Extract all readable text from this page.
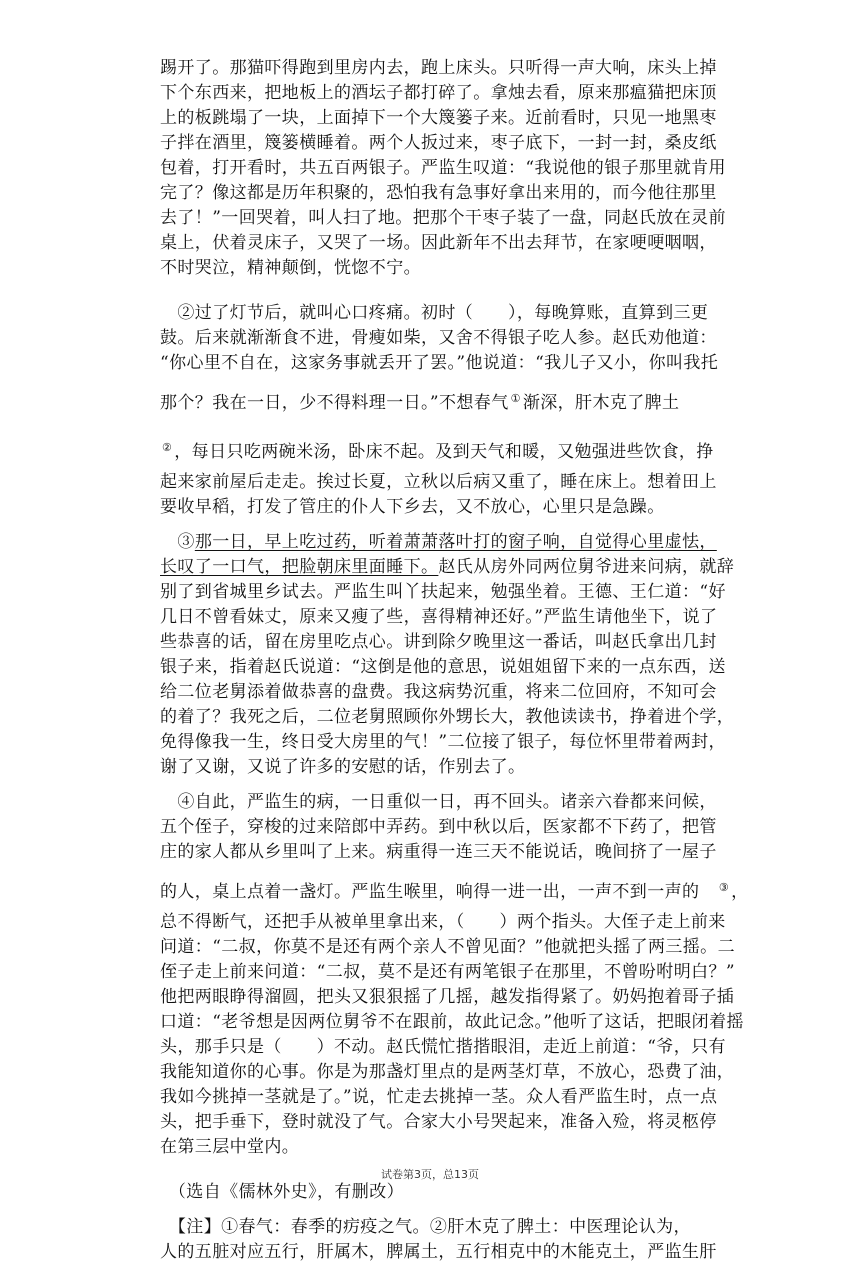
踢开了。那猫吓得跑到里房内去，跑上床头。只听得一声大响，床头上掉
下个东西来，把地板上的酒坛子都打碎了。拿烛去看，原来那瘟猫把床顶
上的板跳塌了一块，上面掉下一个大篾篓子来。近前看时，只见一地黑枣
子拌在酒里，篾篓横睡着。两个人扳过来，枣子底下，一封一封，桑皮纸
包着，打开看时，共五百两银子。严监生叹道：“我说他的银子那里就肯用
完了？像这都是历年积聚的，恐怕我有急事好拿出来用的，而今他往那里
去了！”一回哭着，叫人扫了地。把那个干枣子装了一盘，同赵氏放在灵前
桌上，伏着灵床子，又哭了一场。因此新年不出去拜节，在家哽哽咽咽，
不时哭泣，精神颠倒，恍惚不宁。
　②过了灯节后，就叫心口疼痛。初时（　　），每晚算账，直算到三更
鼓。后来就渐渐食不进，骨瘦如柴，又舍不得银子吃人参。赵氏劝他道：
“你心里不自在，这家务事就丢开了罢。”他说道：“我儿子又小，你叫我托
那个？我在一日，少不得料理一日。”不想春气 ① 渐深，肝木克了脾土
② ，每日只吃两碗米汤，卧床不起。及到天气和暖，又勉强进些饮食，挣
起来家前屋后走走。挨过长夏，立秋以后病又重了，睡在床上。想着田上
要收早稻，打发了管庄的仆人下乡去，又不放心，心里只是急躁。
　③那一日，早上吃过药，听着萧萧落叶打的窗子响，自觉得心里虚怯，
长叹了一口气，把脸朝床里面睡下。赵氏从房外同两位舅爷进来问病，就辞
别了到省城里乡试去。严监生叫丫扶起来，勉强坐着。王德、王仁道：“好
几日不曾看妹丈，原来又瘦了些，喜得精神还好。”严监生请他坐下，说了
些恭喜的话，留在房里吃点心。讲到除夕晚里这一番话，叫赵氏拿出几封
银子来，指着赵氏说道：“这倒是他的意思，说姐姐留下来的一点东西，送
给二位老舅添着做恭喜的盘费。我这病势沉重，将来二位回府，不知可会
的着了？我死之后，二位老舅照顾你外甥长大，教他读读书，挣着进个学，
免得像我一生，终日受大房里的气！”二位接了银子，每位怀里带着两封，
谢了又谢，又说了许多的安慰的话，作别去了。
　④自此，严监生的病，一日重似一日，再不回头。诸亲六眷都来问候，
五个侄子，穿梭的过来陪郎中弄药。到中秋以后，医家都不下药了，把管
庄的家人都从乡里叫了上来。病重得一连三天不能说话，晚间挤了一屋子
的人，桌上点着一盏灯。严监生喉里，响得一进一出，一声不到一声的　 ③ ，
总不得断气，还把手从被单里拿出来，（　　）两个指头。大侄子走上前来
问道：“二叔，你莫不是还有两个亲人不曾见面？”他就把头摇了两三摇。二
侄子走上前来问道：“二叔，莫不是还有两笔银子在那里，不曾吩咐明白？”
他把两眼睁得溜圆，把头又狠狠摇了几摇，越发指得紧了。奶妈抱着哥子插
口道：“老爷想是因两位舅爷不在跟前，故此记念。”他听了这话，把眼闭着摇
头，那手只是（　　）不动。赵氏慌忙揩揩眼泪，走近上前道：“爷，只有
我能知道你的心事。你是为那盏灯里点的是两茎灯草，不放心，恐费了油，
我如今挑掉一茎就是了。”说，忙走去挑掉一茎。众人看严监生时，点一点
头，把手垂下，登时就没了气。合家大小号哭起来，准备入殓，将灵柩停
在第三层中堂内。
　（选自《儒林外史》，有删改）
　【注】①春气：春季的疠疫之气。②肝木克了脾土：中医理论认为，
人的五脏对应五行，肝属木，脾属土，五行相克中的木能克土，严监生肝
试卷第3页，总13页
